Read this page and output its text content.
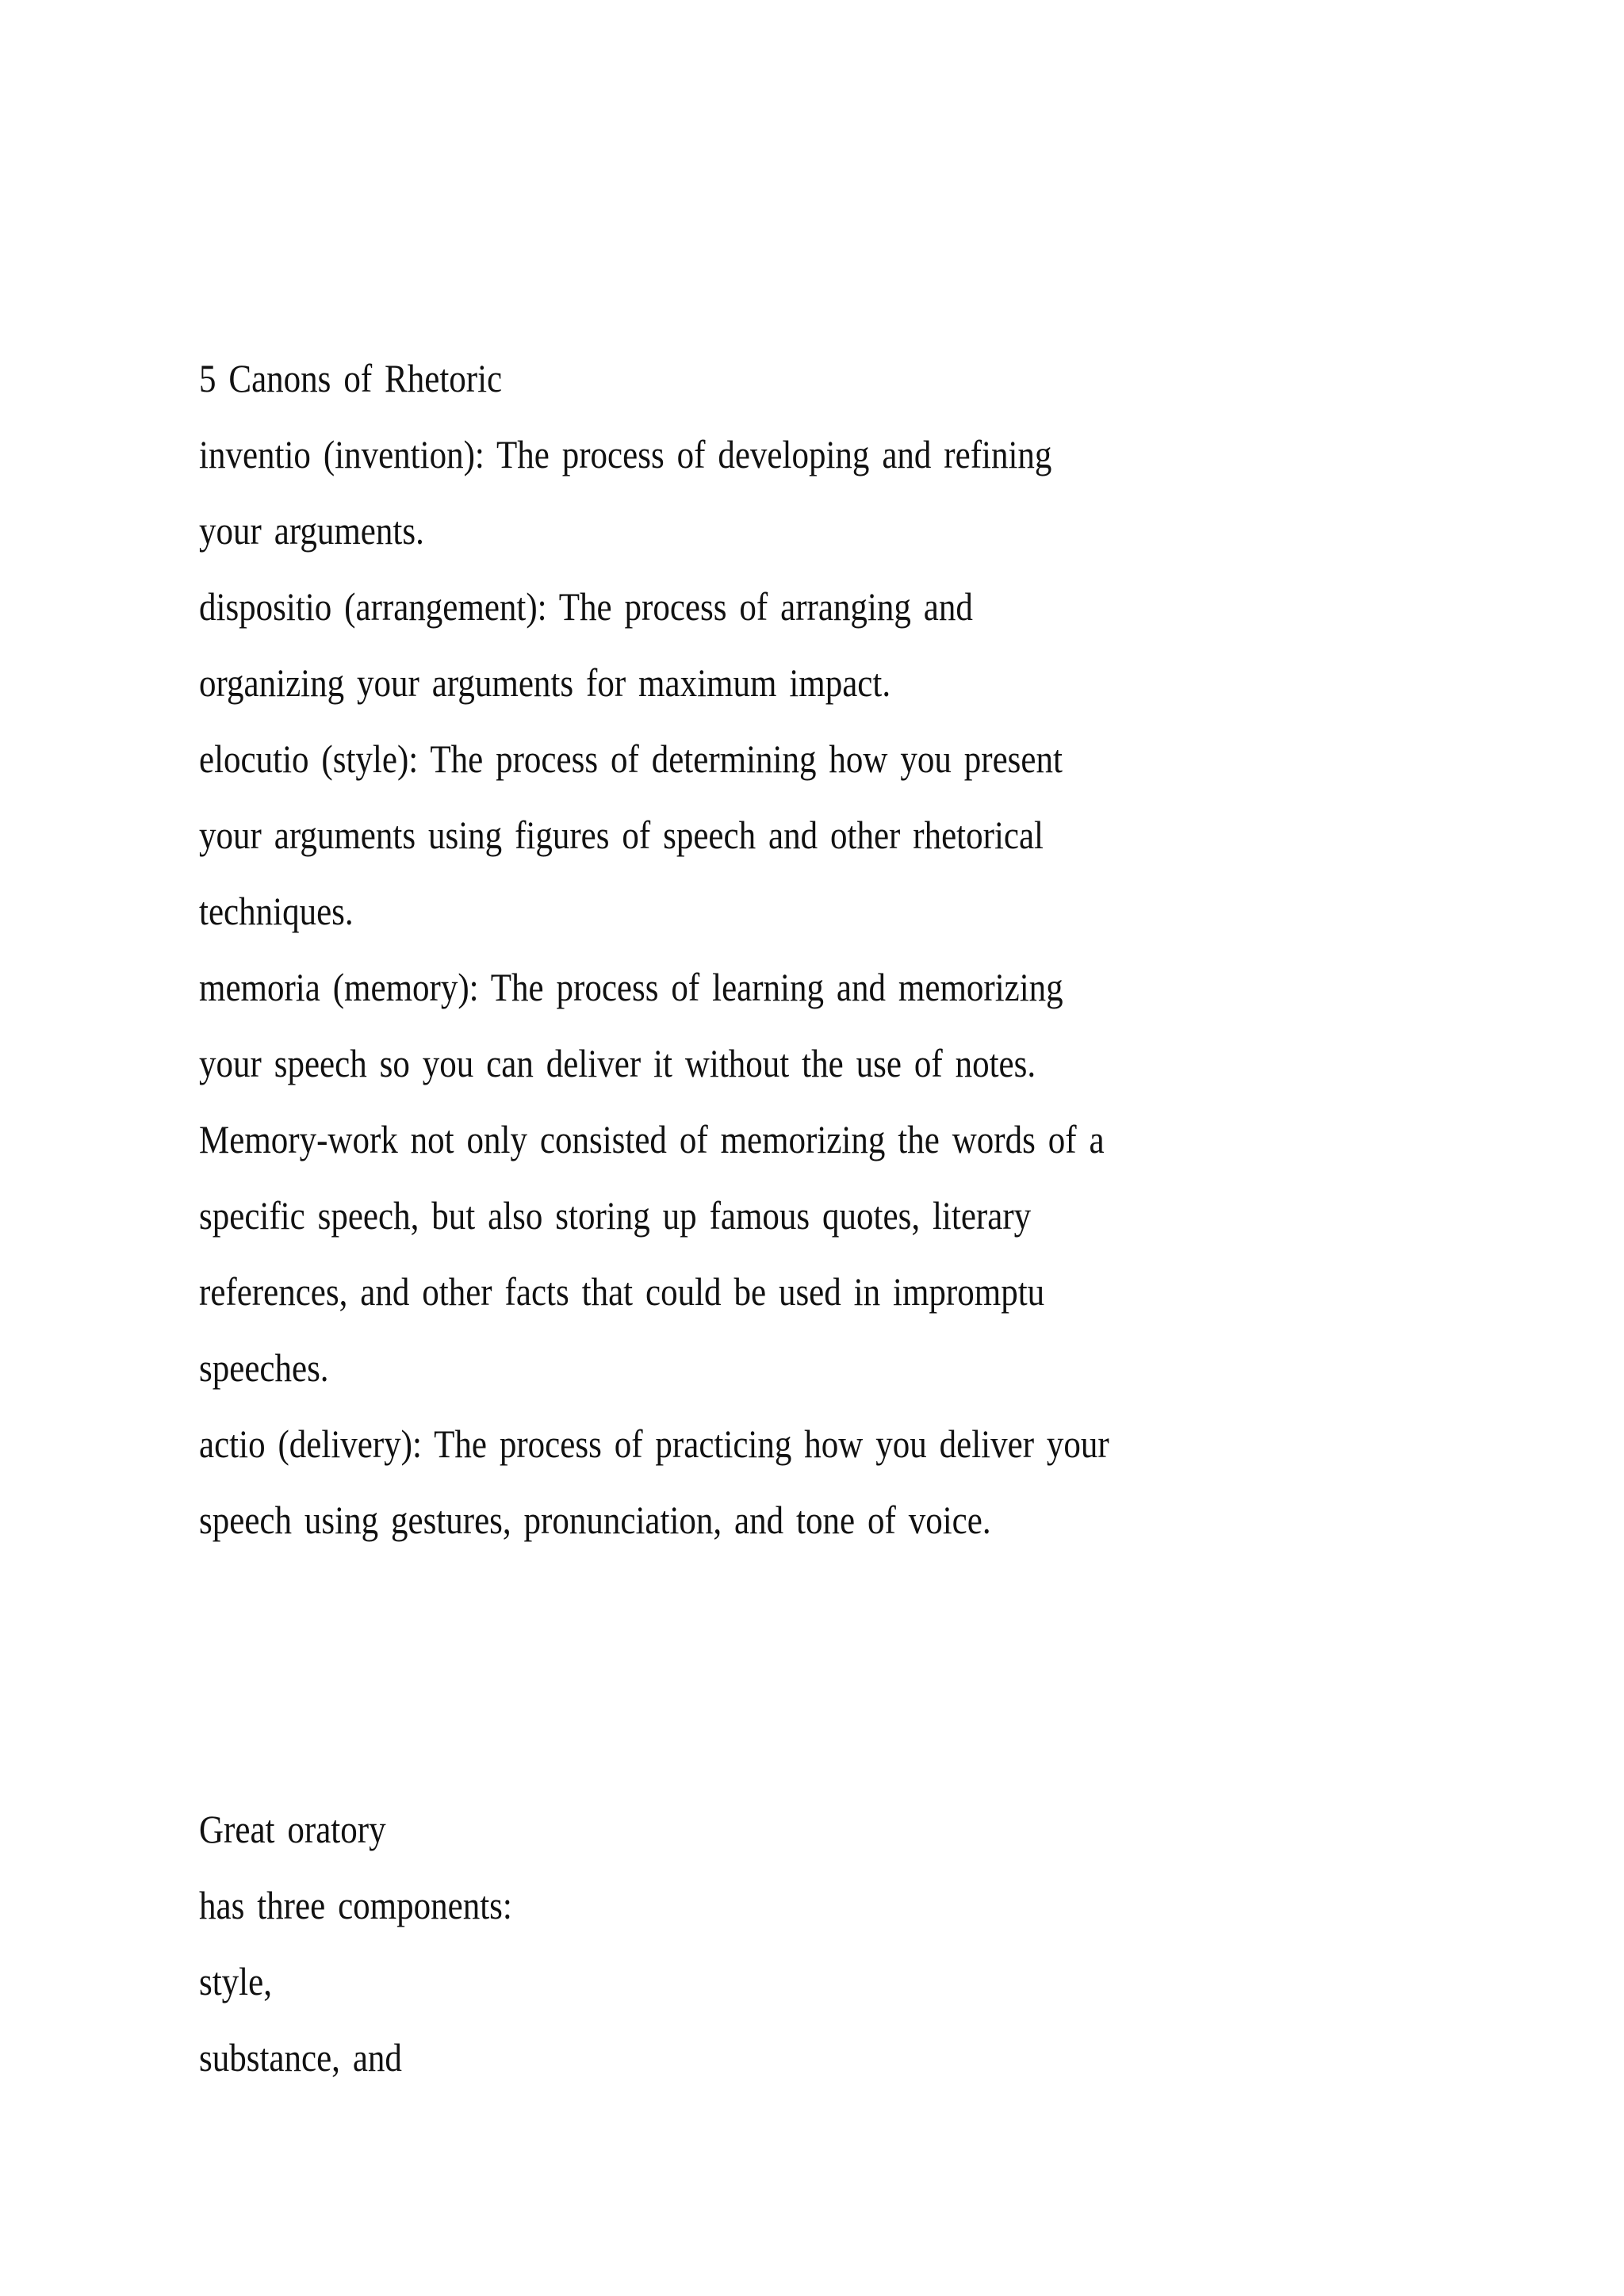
5 Canons of Rhetoric
inventio (invention): The process of developing and refining
your arguments.
dispositio (arrangement): The process of arranging and
organizing your arguments for maximum impact.
elocutio (style): The process of determining how you present
your arguments using figures of speech and other rhetorical
techniques.
memoria (memory): The process of learning and memorizing
your speech so you can deliver it without the use of notes.
Memory-work not only consisted of memorizing the words of a
specific speech, but also storing up famous quotes, literary
references, and other facts that could be used in impromptu
speeches.
actio (delivery): The process of practicing how you deliver your
speech using gestures, pronunciation, and tone of voice.
Great oratory
has three components:
style,
substance, and
